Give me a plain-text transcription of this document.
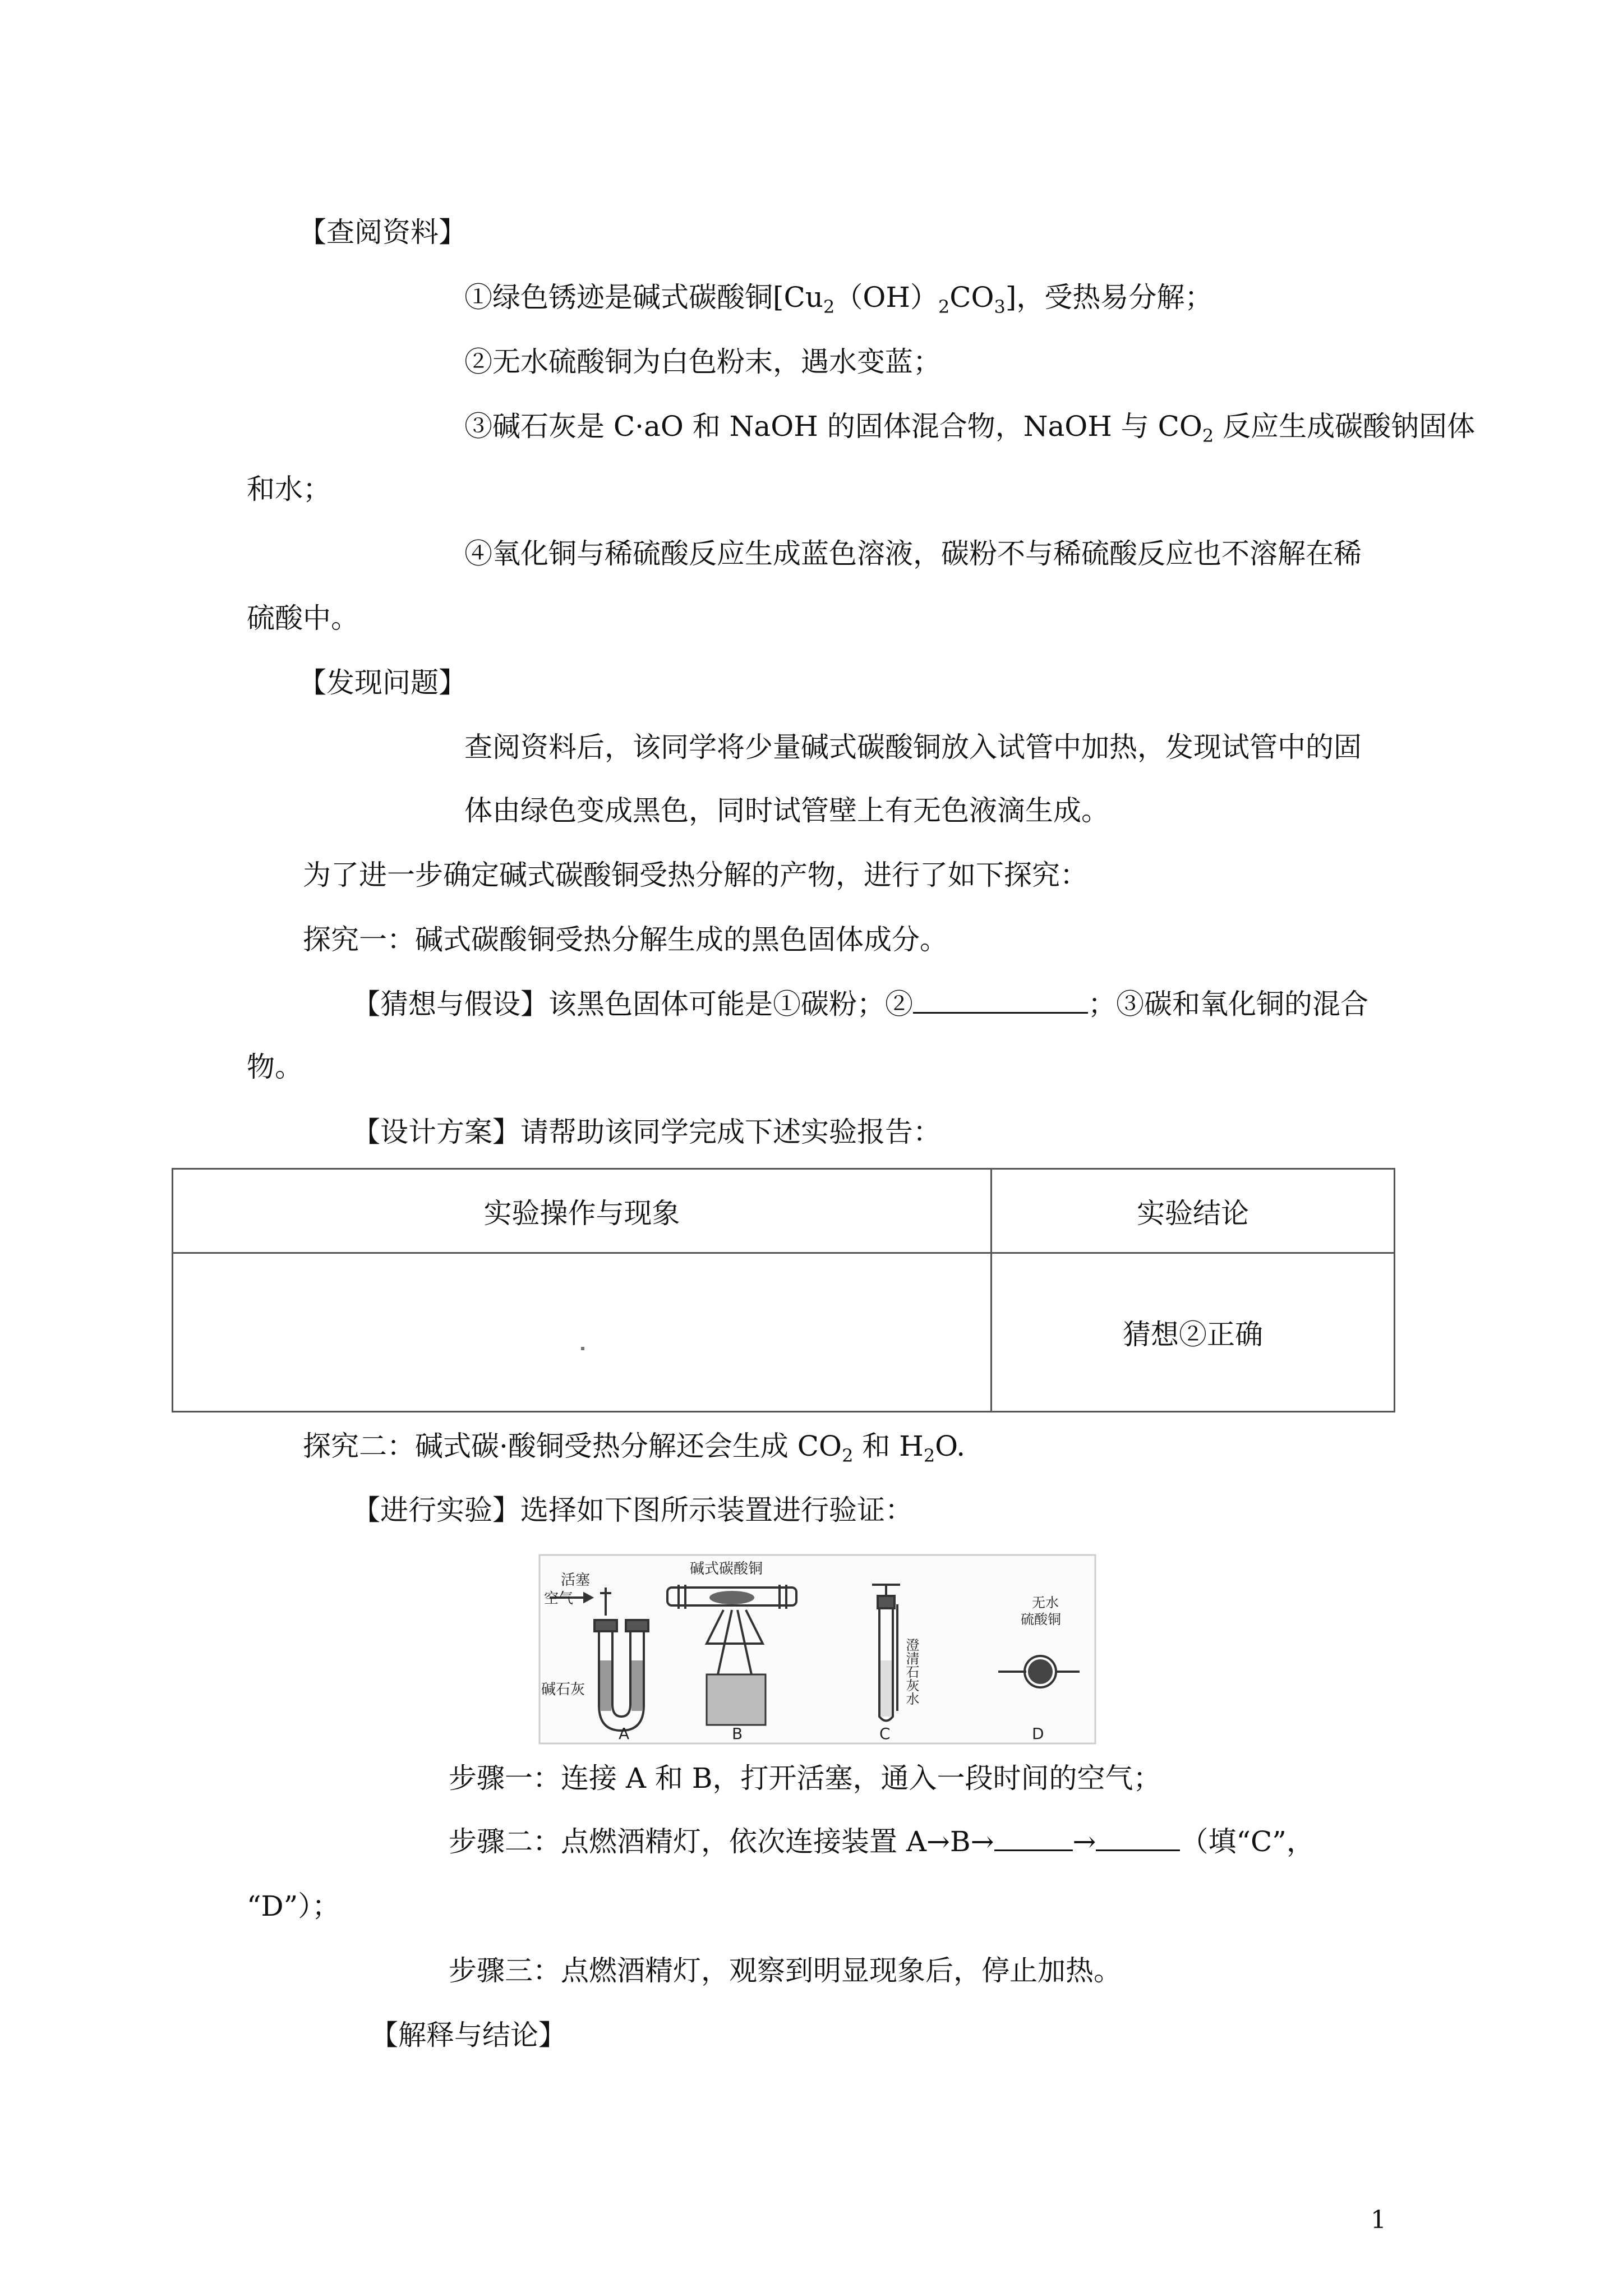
【查阅资料】
①绿色锈迹是碱式碳酸铜$[Cu_2(OH)_2CO_3]$，受热易分解；
②无水硫酸铜为白色粉末，遇水变蓝；
③碱石灰是 C·aO 和 NaOH 的固体混合物，NaOH 与 $CO_2$ 反应生成碳酸钠固体
和水；
④氧化铜与稀硫酸反应生成蓝色溶液，碳粉不与稀硫酸反应也不溶解在稀
硫酸中。
【发现问题】
查阅资料后，该同学将少量碱式碳酸铜放入试管中加热，发现试管中的固
体由绿色变成黑色，同时试管壁上有无色液滴生成。
为了进一步确定碱式碳酸铜受热分解的产物，进行了如下探究：
探究一：碱式碳酸铜受热分解生成的黑色固体成分。
【猜想与假设】该黑色固体可能是①碳粉；②	；③碳和氧化铜的混合
物。
【设计方案】请帮助该同学完成下述实验报告：
实验操作与现象	实验结论

	猜想②正确
探究二：碱式碳·酸铜受热分解还会生成 $CO_2$ 和 $H_2O$.
【进行实验】选择如下图所示装置进行验证：
活塞
空气
碱石灰
A
碱式碳酸铜
B
澄清石灰水
C
无水
硫酸铜
D
步骤一：连接 A 和 B，打开活塞，通入一段时间的空气；
步骤二：点燃酒精灯，依次连接装置 A→B→	→	（填“C”，
“D”）；
步骤三：点燃酒精灯，观察到明显现象后，停止加热。
【解释与结论】
1
